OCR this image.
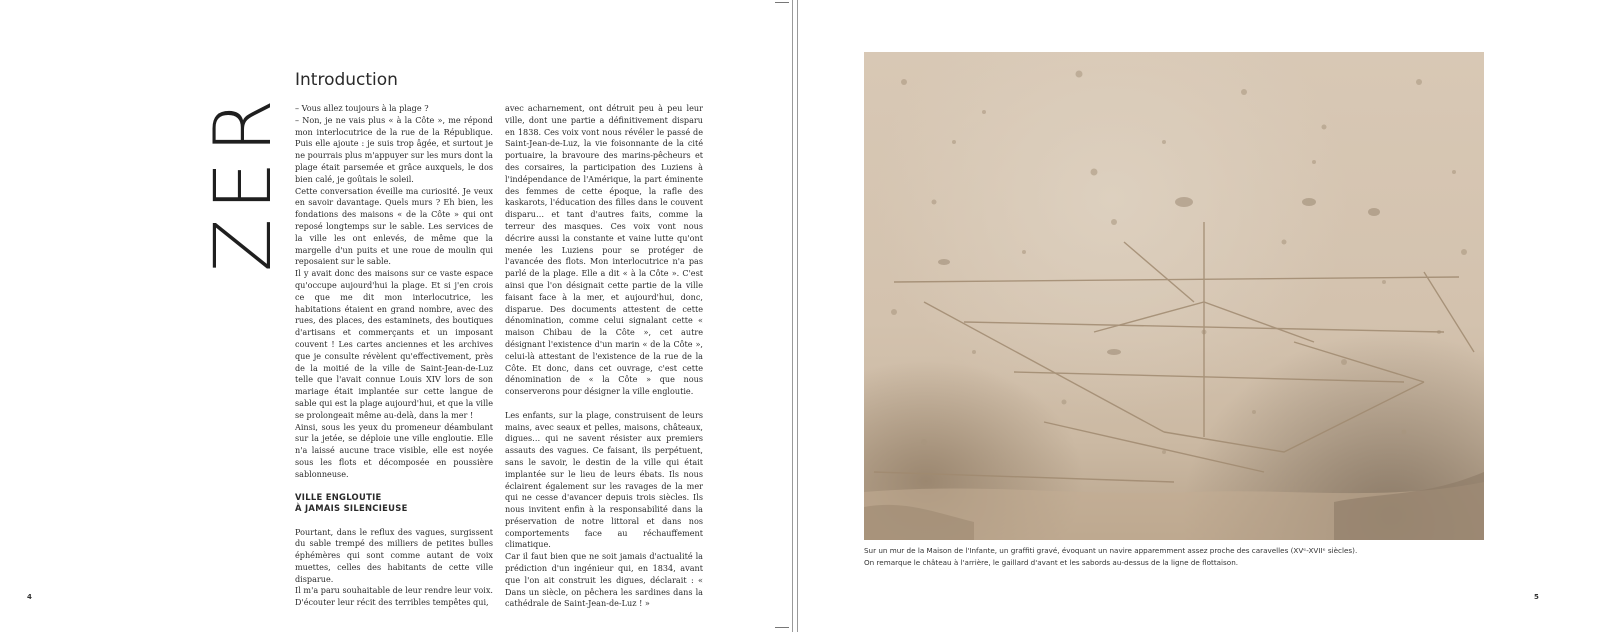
ZER
Introduction

– Vous allez toujours à la plage ?

– Non, je ne vais plus « à la Côte », me répond mon interlocutrice de la rue de la République. Puis elle ajoute : je suis trop âgée, et surtout je ne pourrais plus m'appuyer sur les murs dont la plage était parsemée et grâce auxquels, le dos bien calé, je goûtais le soleil.

Cette conversation éveille ma curiosité. Je veux en savoir davantage. Quels murs ? Eh bien, les fondations des maisons « de la Côte » qui ont reposé longtemps sur le sable. Les services de la ville les ont enlevés, de même que la margelle d'un puits et une roue de moulin qui reposaient sur le sable.

Il y avait donc des maisons sur ce vaste espace qu'occupe aujourd'hui la plage. Et si j'en crois ce que me dit mon interlocutrice, les habitations étaient en grand nombre, avec des rues, des places, des estaminets, des boutiques d'artisans et commerçants et un imposant couvent ! Les cartes anciennes et les archives que je consulte révèlent qu'effectivement, près de la moitié de la ville de Saint-Jean-de-Luz telle que l'avait connue Louis XIV lors de son mariage était implantée sur cette langue de sable qui est la plage aujourd'hui, et que la ville se prolongeait même au-delà, dans la mer !

Ainsi, sous les yeux du promeneur déambulant sur la jetée, se déploie une ville engloutie. Elle n'a laissé aucune trace visible, elle est noyée sous les flots et décomposée en poussière sablonneuse.

VILLE ENGLOUTIE
À JAMAIS SILENCIEUSE

Pourtant, dans le reflux des vagues, surgissent du sable trempé des milliers de petites bulles éphémères qui sont comme autant de voix muettes, celles des habitants de cette ville disparue.

Il m'a paru souhaitable de leur rendre leur voix. D'écouter leur récit des terribles tempêtes qui,

avec acharnement, ont détruit peu à peu leur ville, dont une partie a définitivement disparu en 1838. Ces voix vont nous révéler le passé de Saint-Jean-de-Luz, la vie foisonnante de la cité portuaire, la bravoure des marins-pêcheurs et des corsaires, la participation des Luziens à l'indépendance de l'Amérique, la part éminente des femmes de cette époque, la rafle des kaskarots, l'éducation des filles dans le couvent disparu… et tant d'autres faits, comme la terreur des masques. Ces voix vont nous décrire aussi la constante et vaine lutte qu'ont menée les Luziens pour se protéger de l'avancée des flots. Mon interlocutrice n'a pas parlé de la plage. Elle a dit « à la Côte ». C'est ainsi que l'on désignait cette partie de la ville faisant face à la mer, et aujourd'hui, donc, disparue. Des documents attestent de cette dénomination, comme celui signalant cette « maison Chibau de la Côte », cet autre désignant l'existence d'un marin « de la Côte », celui-là attestant de l'existence de la rue de la Côte. Et donc, dans cet ouvrage, c'est cette dénomination de « la Côte » que nous conserverons pour désigner la ville engloutie.

Les enfants, sur la plage, construisent de leurs mains, avec seaux et pelles, maisons, châteaux, digues… qui ne savent résister aux premiers assauts des vagues. Ce faisant, ils perpétuent, sans le savoir, le destin de la ville qui était implantée sur le lieu de leurs ébats. Ils nous éclairent également sur les ravages de la mer qui ne cesse d'avancer depuis trois siècles. Ils nous invitent enfin à la responsabilité dans la préservation de notre littoral et dans nos comportements face au réchauffement climatique.

Car il faut bien que ne soit jamais d'actualité la prédiction d'un ingénieur qui, en 1834, avant que l'on ait construit les digues, déclarait : « Dans un siècle, on pêchera les sardines dans la cathédrale de Saint-Jean-de-Luz ! »

4

Sur un mur de la Maison de l'Infante, un graffiti gravé, évoquant un navire apparemment assez proche des caravelles (XVᵉ-XVIIᵉ siècles).

On remarque le château à l'arrière, le gaillard d'avant et les sabords au-dessus de la ligne de flottaison.

5
